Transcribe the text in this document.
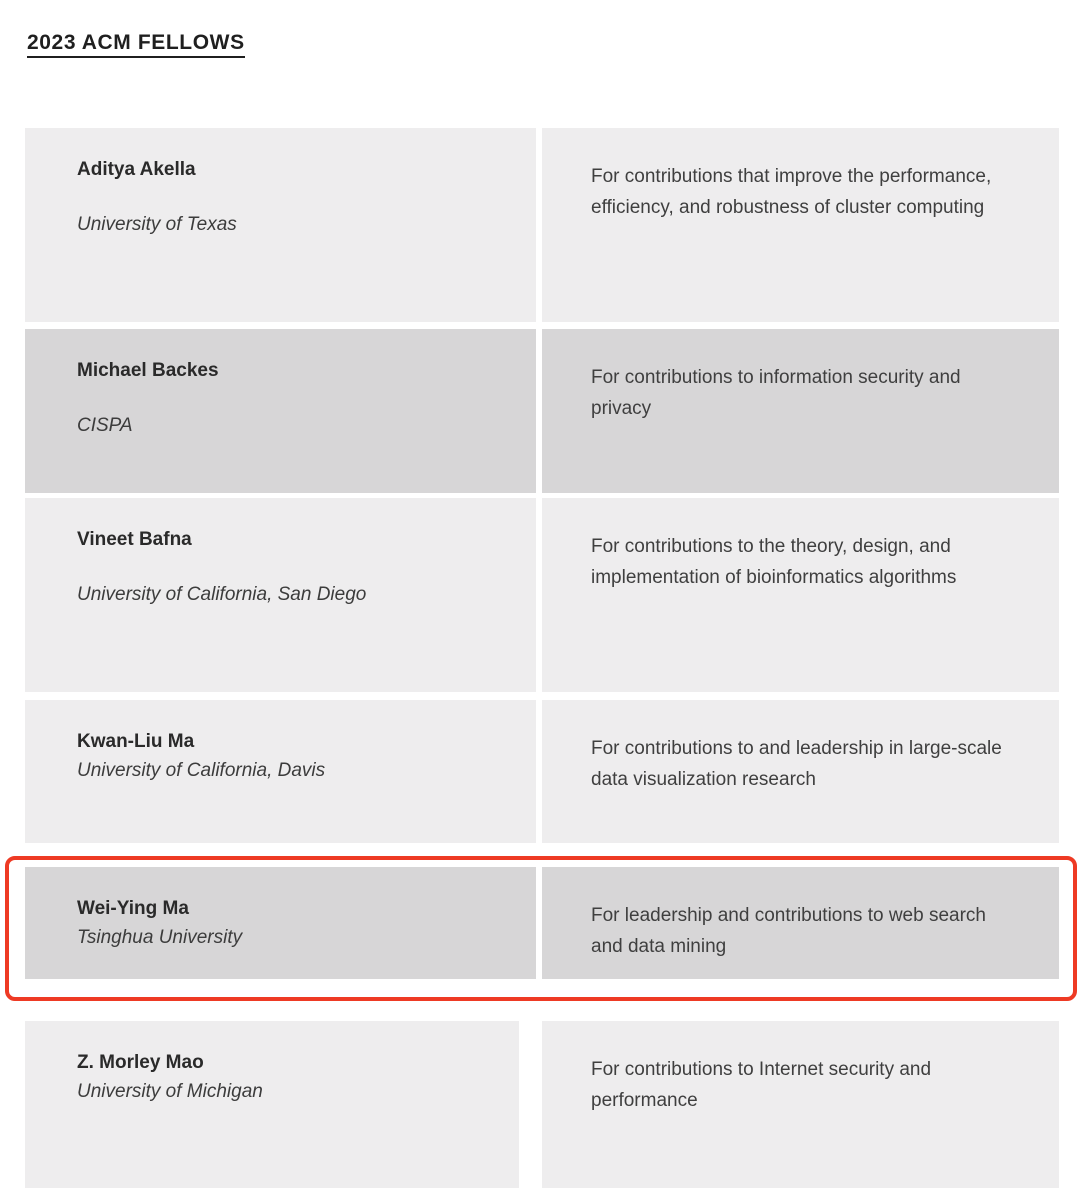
2023 ACM FELLOWS
Aditya Akella
University of Texas
For contributions that improve the performance, efficiency, and robustness of cluster computing
Michael Backes
CISPA
For contributions to information security and privacy
Vineet Bafna
University of California, San Diego
For contributions to the theory, design, and implementation of bioinformatics algorithms
Kwan-Liu Ma
University of California, Davis
For contributions to and leadership in large-scale data visualization research
Wei-Ying Ma
Tsinghua University
For leadership and contributions to web search and data mining
Z. Morley Mao
University of Michigan
For contributions to Internet security and performance
